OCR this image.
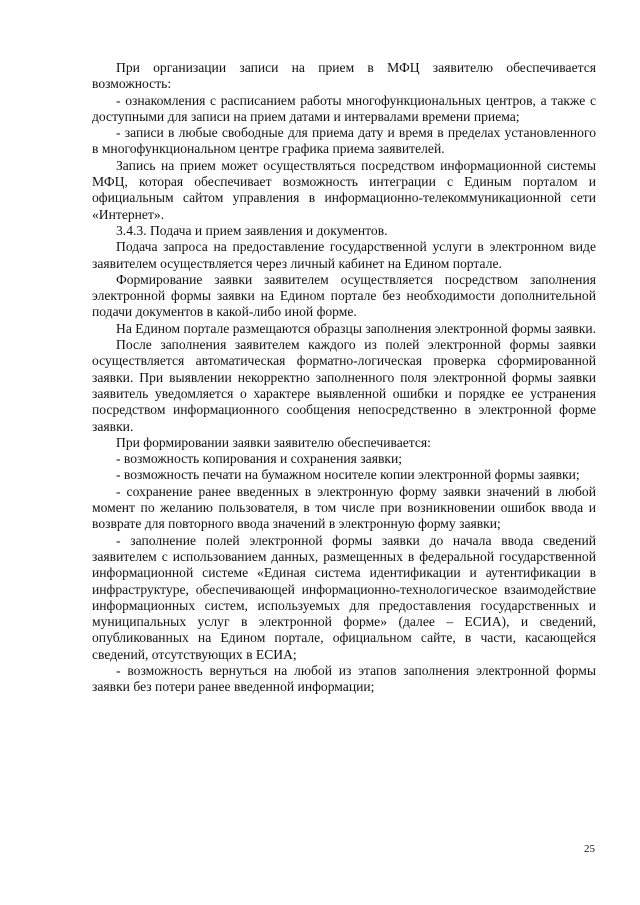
При организации записи на прием в МФЦ заявителю обеспечивается возможность:

- ознакомления с расписанием работы многофункциональных центров, а также с доступными для записи на прием датами и интервалами времени приема;

- записи в любые свободные для приема дату и время в пределах установленного в многофункциональном центре графика приема заявителей.

Запись на прием может осуществляться посредством информационной системы МФЦ, которая обеспечивает возможность интеграции с Единым порталом и официальным сайтом управления в информационно-телекоммуникационной сети «Интернет».

3.4.3. Подача и прием заявления и документов.

Подача запроса на предоставление государственной услуги в электронном виде заявителем осуществляется через личный кабинет на Едином портале.

Формирование заявки заявителем осуществляется посредством заполнения электронной формы заявки на Едином портале без необходимости дополнительной подачи документов в какой-либо иной форме.

На Едином портале размещаются образцы заполнения электронной формы заявки.

После заполнения заявителем каждого из полей электронной формы заявки осуществляется автоматическая форматно-логическая проверка сформированной заявки. При выявлении некорректно заполненного поля электронной формы заявки заявитель уведомляется о характере выявленной ошибки и порядке ее устранения посредством информационного сообщения непосредственно в электронной форме заявки.

При формировании заявки заявителю обеспечивается:

- возможность копирования и сохранения заявки;

- возможность печати на бумажном носителе копии электронной формы заявки;

- сохранение ранее введенных в электронную форму заявки значений в любой момент по желанию пользователя, в том числе при возникновении ошибок ввода и возврате для повторного ввода значений в электронную форму заявки;

- заполнение полей электронной формы заявки до начала ввода сведений заявителем с использованием данных, размещенных в федеральной государственной информационной системе «Единая система идентификации и аутентификации в инфраструктуре, обеспечивающей информационно-технологическое взаимодействие информационных систем, используемых для предоставления государственных и муниципальных услуг в электронной форме» (далее – ЕСИА), и сведений, опубликованных на Едином портале, официальном сайте, в части, касающейся сведений, отсутствующих в ЕСИА;

- возможность вернуться на любой из этапов заполнения электронной формы заявки без потери ранее введенной информации;

25
